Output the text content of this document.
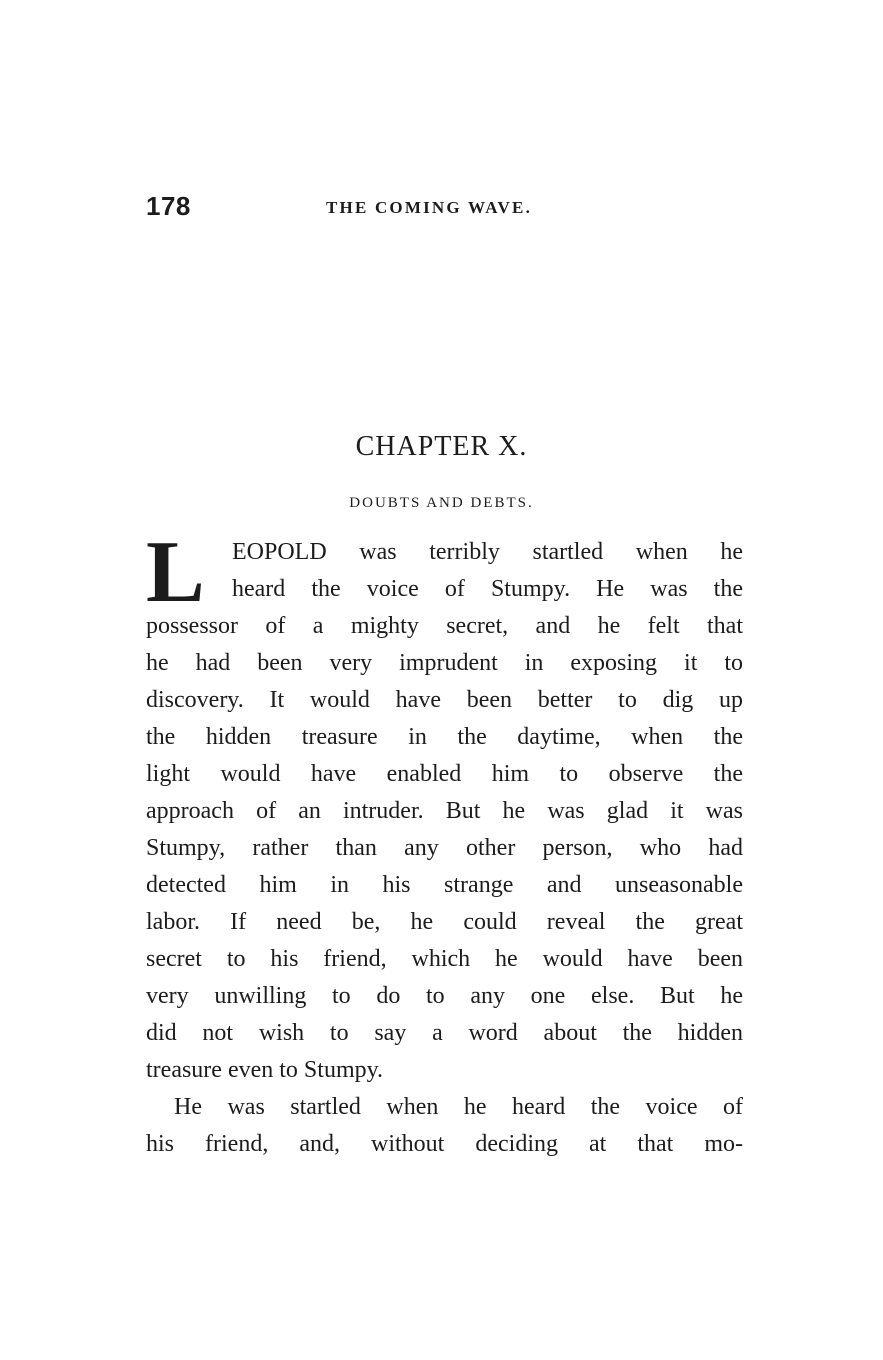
178	THE COMING WAVE.
CHAPTER X.
DOUBTS AND DEBTS.
L	EOPOLD was terribly startled when he
heard the voice of Stumpy. He was the
possessor of a mighty secret, and he felt that
he had been very imprudent in exposing it to
discovery. It would have been better to dig up
the hidden treasure in the daytime, when the
light would have enabled him to observe the
approach of an intruder. But he was glad it was
Stumpy, rather than any other person, who had
detected him in his strange and unseasonable
labor. If need be, he could reveal the great
secret to his friend, which he would have been
very unwilling to do to any one else. But he
did not wish to say a word about the hidden
treasure even to Stumpy.
He was startled when he heard the voice of
his friend, and, without deciding at that mo-
